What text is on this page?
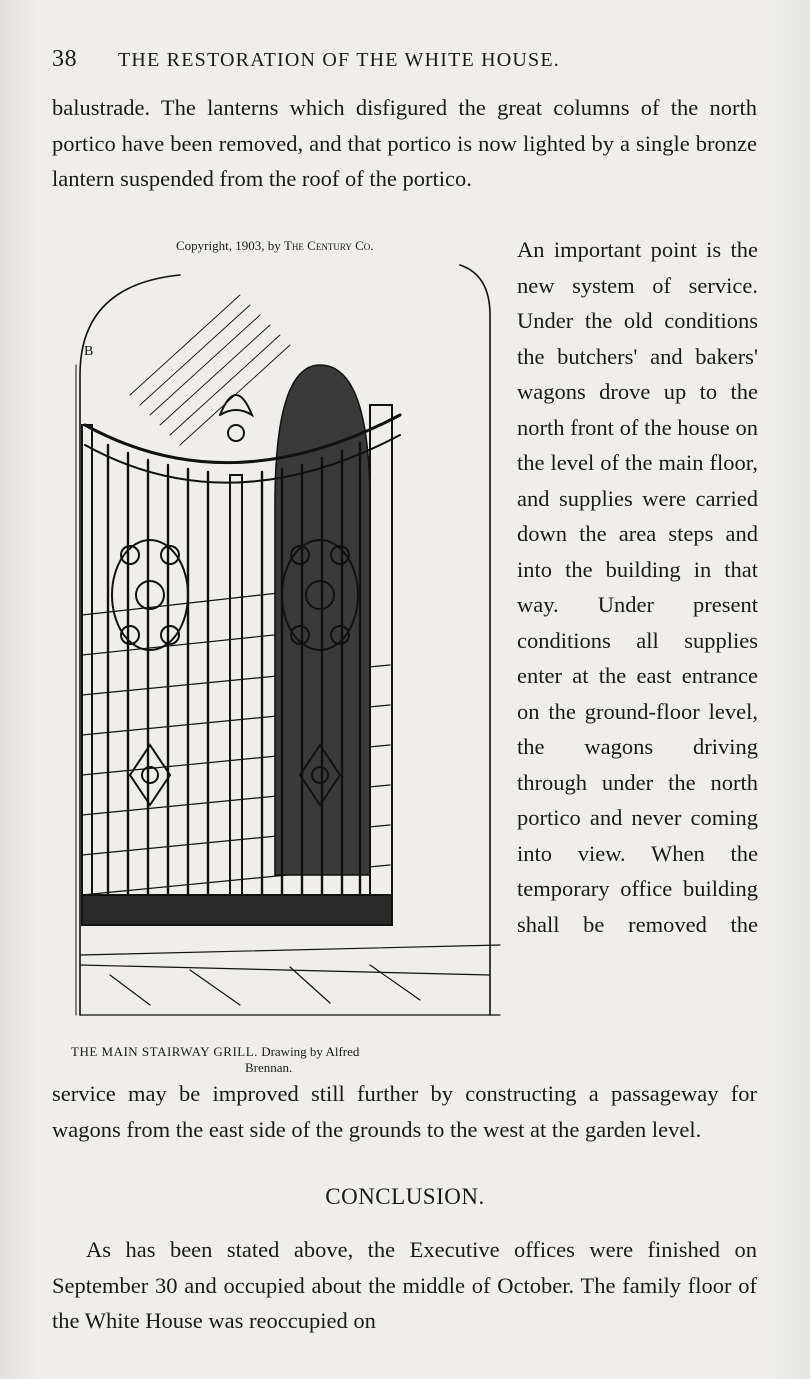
38 THE RESTORATION OF THE WHITE HOUSE.
balustrade. The lanterns which disfigured the great columns of the north portico have been removed, and that portico is now lighted by a single bronze lantern suspended from the roof of the portico.
Copyright, 1903, by The Century Co.
B
THE MAIN STAIRWAY GRILL. Drawing by Alfred
Brennan.
An important point is the new system of service. Under the old conditions the butchers' and bakers' wagons drove up to the north front of the house on the level of the main floor, and supplies were carried down the area steps and into the building in that way. Under present conditions all supplies enter at the east entrance on the ground-floor level, the wagons driving through under the north portico and never coming into view. When the temporary office building shall be removed the
service may be improved still further by constructing a passageway for wagons from the east side of the grounds to the west at the garden level.
CONCLUSION.
As has been stated above, the Executive offices were finished on September 30 and occupied about the middle of October. The family floor of the White House was reoccupied on
